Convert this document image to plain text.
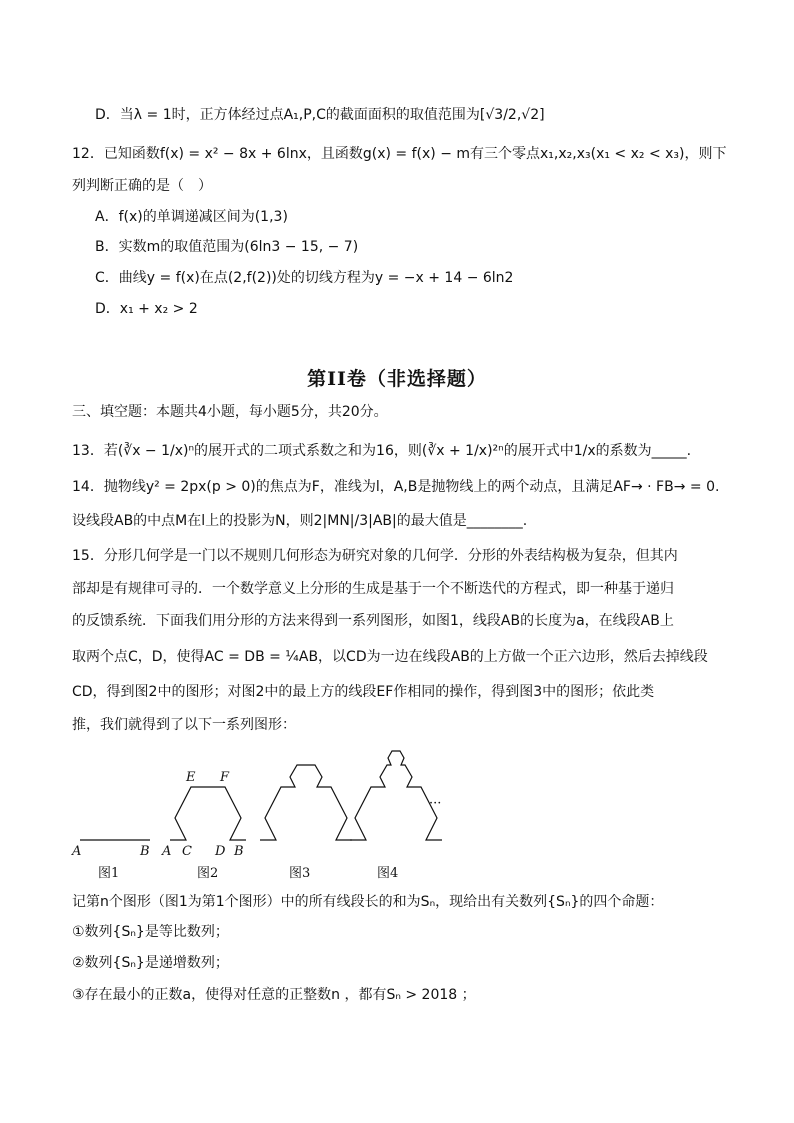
D．当λ = 1时，正方体经过点A₁,P,C的截面面积的取值范围为[√3/2,√2]
12．已知函数f(x) = x² − 8x + 6lnx，且函数g(x) = f(x) − m有三个零点x₁,x₂,x₃(x₁ < x₂ < x₃)，则下
列判断正确的是（　）
A．f(x)的单调递减区间为(1,3)
B．实数m的取值范围为(6ln3 − 15, − 7)
C．曲线y = f(x)在点(2,f(2))处的切线方程为y = −x + 14 − 6ln2
D．x₁ + x₂ > 2
第II卷（非选择题）
三、填空题：本题共4小题，每小题5分，共20分。
13．若(∛x − 1/x)ⁿ的展开式的二项式系数之和为16，则(∛x + 1/x)²ⁿ的展开式中1/x的系数为_____.
14．抛物线y² = 2px(p > 0)的焦点为F，准线为l，A,B是抛物线上的两个动点，且满足AF→ · FB→ = 0.
设线段AB的中点M在l上的投影为N，则2|MN|/3|AB|的最大值是________.
15．分形几何学是一门以不规则几何形态为研究对象的几何学．分形的外表结构极为复杂，但其内
部却是有规律可寻的．一个数学意义上分形的生成是基于一个不断迭代的方程式，即一种基于递归
的反馈系统．下面我们用分形的方法来得到一系列图形，如图1，线段AB的长度为a，在线段AB上
取两个点C，D，使得AC = DB = ¼AB，以CD为一边在线段AB的上方做一个正六边形，然后去掉线段
CD，得到图2中的图形；对图2中的最上方的线段EF作相同的操作，得到图3中的图形；依此类
推，我们就得到了以下一系列图形：
A	B A C D B
E F
···
图1	图2	图3	图4
记第n个图形（图1为第1个图形）中的所有线段长的和为Sₙ，现给出有关数列{Sₙ}的四个命题：
①数列{Sₙ}是等比数列；
②数列{Sₙ}是递增数列；
③存在最小的正数a，使得对任意的正整数n ，都有Sₙ > 2018 ；
